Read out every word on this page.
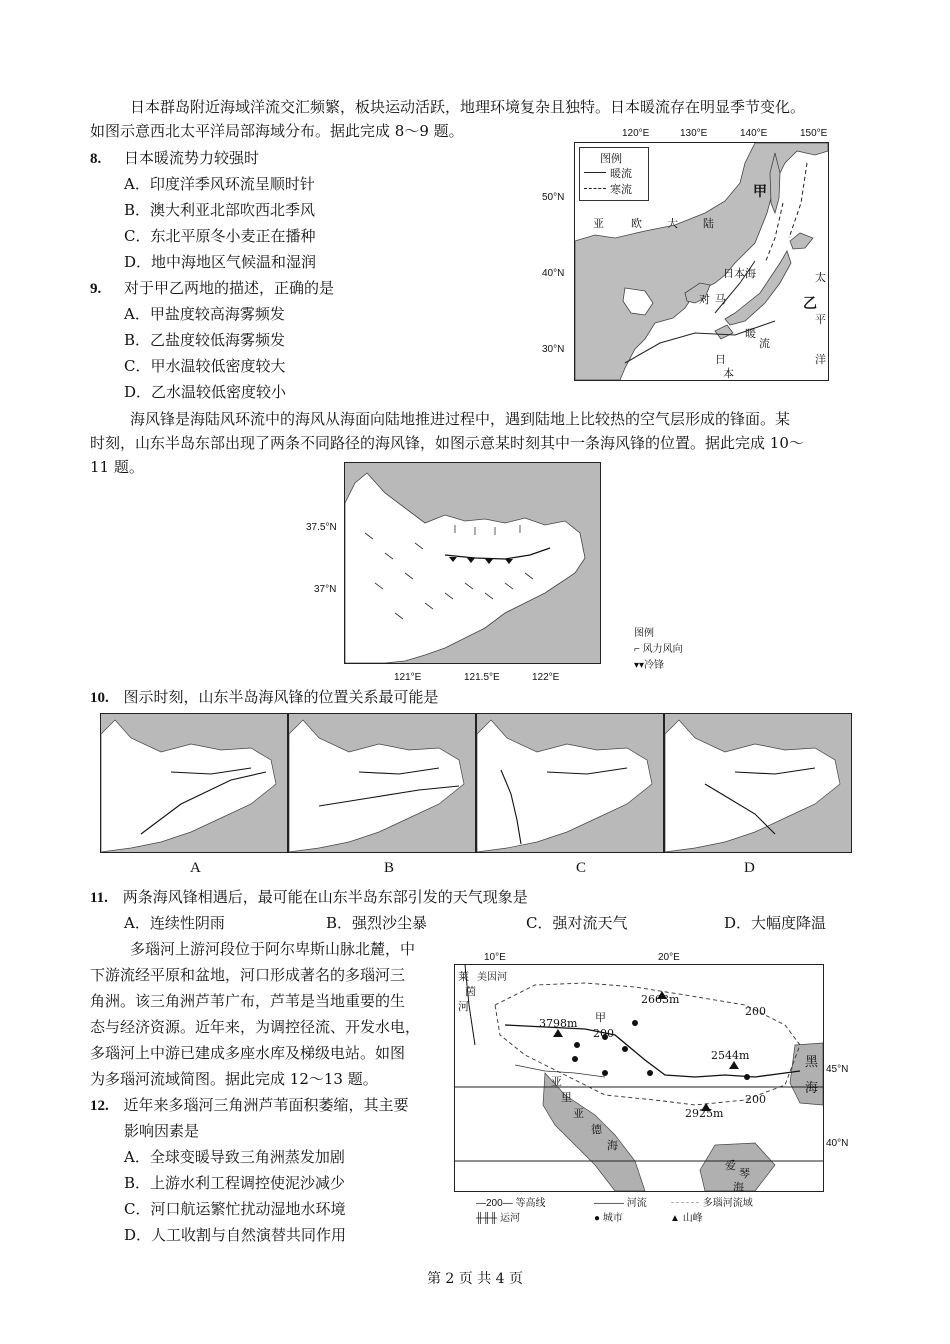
日本群岛附近海域洋流交汇频繁，板块运动活跃，地理环境复杂且独特。日本暖流存在明显季节变化。
如图示意西北太平洋局部海域分布。据此完成 8～9 题。
8. 日本暖流势力较强时
A．印度洋季风环流呈顺时针
B．澳大利亚北部吹西北季风
C．东北平原冬小麦正在播种
D．地中海地区气候温和湿润
9. 对于甲乙两地的描述，正确的是
A．甲盐度较高海雾频发
B．乙盐度较低海雾频发
C．甲水温较低密度较大
D．乙水温较低密度较小
120°E	130°E	140°E	150°E
50°N
40°N
30°N
图例
暖流
寒流
亚 欧 大 陆
日本海	太
平
洋
甲
乙
对 马
暖
流
日
本
海风锋是海陆风环流中的海风从海面向陆地推进过程中，遇到陆地上比较热的空气层形成的锋面。某
时刻，山东半岛东部出现了两条不同路径的海风锋，如图示意某时刻其中一条海风锋的位置。据此完成 10～
11 题。
37.5°N
37°N
121°E	121.5°E	122°E
图例
⌐ 风力风向
▾▾冷锋
10. 图示时刻，山东半岛海风锋的位置关系最可能是
A	B	C	D
11. 两条海风锋相遇后，最可能在山东半岛东部引发的天气现象是
A．连续性阴雨	B．强烈沙尘暴	C．强对流天气	D．大幅度降温
多瑙河上游河段位于阿尔卑斯山脉北麓，中
下游流经平原和盆地，河口形成著名的多瑙河三
角洲。该三角洲芦苇广布，芦苇是当地重要的生
态与经济资源。近年来，为调控径流、开发水电，
多瑙河上中游已建成多座水库及梯级电站。如图
为多瑙河流域简图。据此完成 12～13 题。
12. 近年来多瑙河三角洲芦苇面积萎缩，其主要
影响因素是
A．全球变暖导致三角洲蒸发加剧
B．上游水利工程调控使泥沙减少
C．河口航运繁忙扰动湿地水环境
D．人工收割与自然演替共同作用
10°E	20°E
45°N
40°N
莱
茵
河
美因河
2663m
3798m
2544m
2925m
甲
200
200
200
黑
海
亚
里
亚
德
海
爱
琴
海
—200— 等高线	——— 河流 ╌╌╌ 多瑙河流域
╫╫╫ 运河	● 城市	▲ 山峰
第 2 页 共 4 页
